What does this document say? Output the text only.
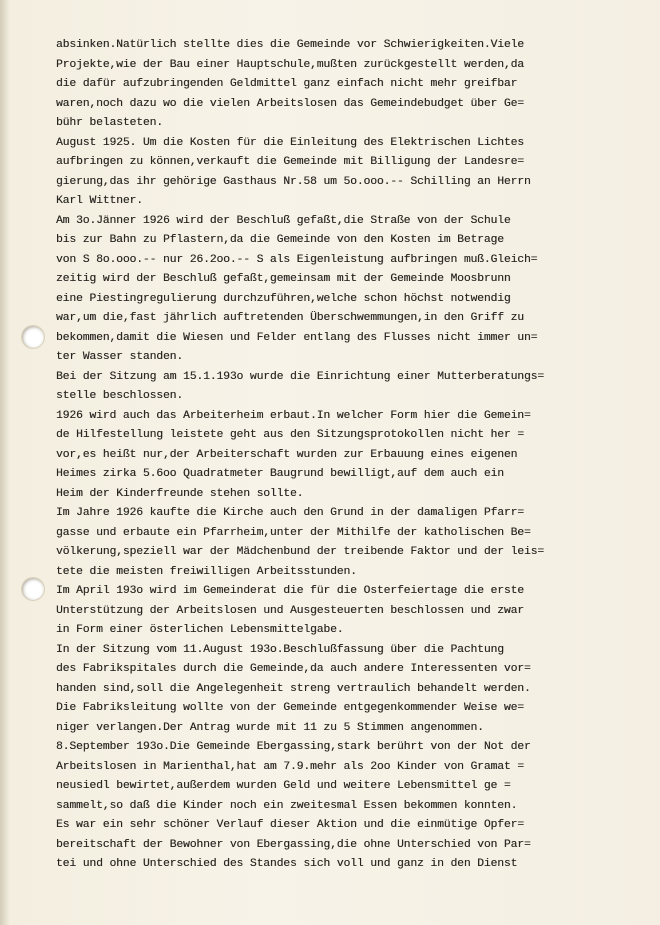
absinken.Natürlich stellte dies die Gemeinde vor Schwierigkeiten.Viele
Projekte,wie der Bau einer Hauptschule,mußten zurückgestellt werden,da
die dafür aufzubringenden Geldmittel ganz einfach nicht mehr greifbar
waren,noch dazu wo die vielen Arbeitslosen das Gemeindebudget über Ge=
bühr belasteten.
August 1925. Um die Kosten für die Einleitung des Elektrischen Lichtes
aufbringen zu können,verkauft die Gemeinde mit Billigung der Landesre=
gierung,das ihr gehörige Gasthaus Nr.58 um 5o.ooo.-- Schilling an Herrn
Karl Wittner.
Am 3o.Jänner 1926 wird der Beschluß gefaßt,die Straße von der Schule
bis zur Bahn zu Pflastern,da die Gemeinde von den Kosten im Betrage
von S 8o.ooo.-- nur 26.2oo.-- S als Eigenleistung aufbringen muß.Gleich=
zeitig wird der Beschluß gefaßt,gemeinsam mit der Gemeinde Moosbrunn
eine Piestingregulierung durchzuführen,welche schon höchst notwendig
war,um die,fast jährlich auftretenden Überschwemmungen,in den Griff zu
bekommen,damit die Wiesen und Felder entlang des Flusses nicht immer un=
ter Wasser standen.
Bei der Sitzung am 15.1.193o wurde die Einrichtung einer Mutterberatungs=
stelle beschlossen.
1926 wird auch das Arbeiterheim erbaut.In welcher Form hier die Gemein=
de Hilfestellung leistete geht aus den Sitzungsprotokollen nicht her =
vor,es heißt nur,der Arbeiterschaft wurden zur Erbauung eines eigenen
Heimes zirka 5.6oo Quadratmeter Baugrund bewilligt,auf dem auch ein
Heim der Kinderfreunde stehen sollte.
Im Jahre 1926 kaufte die Kirche auch den Grund in der damaligen Pfarr=
gasse und erbaute ein Pfarrheim,unter der Mithilfe der katholischen Be=
völkerung,speziell war der Mädchenbund der treibende Faktor und der leis=
tete die meisten freiwilligen Arbeitsstunden.
Im April 193o wird im Gemeinderat die für die Osterfeiertage die erste
Unterstützung der Arbeitslosen und Ausgesteuerten beschlossen und zwar
in Form einer österlichen Lebensmittelgabe.
In der Sitzung vom 11.August 193o.Beschlußfassung über die Pachtung
des Fabrikspitales durch die Gemeinde,da auch andere Interessenten vor=
handen sind,soll die Angelegenheit streng vertraulich behandelt werden.
Die Fabriksleitung wollte von der Gemeinde entgegenkommender Weise we=
niger verlangen.Der Antrag wurde mit 11 zu 5 Stimmen angenommen.
8.September 193o.Die Gemeinde Ebergassing,stark berührt von der Not der
Arbeitslosen in Marienthal,hat am 7.9.mehr als 2oo Kinder von Gramat =
neusiedl bewirtet,außerdem wurden Geld und weitere Lebensmittel ge =
sammelt,so daß die Kinder noch ein zweitesmal Essen bekommen konnten.
Es war ein sehr schöner Verlauf dieser Aktion und die einmütige Opfer=
bereitschaft der Bewohner von Ebergassing,die ohne Unterschied von Par=
tei und ohne Unterschied des Standes sich voll und ganz in den Dienst
